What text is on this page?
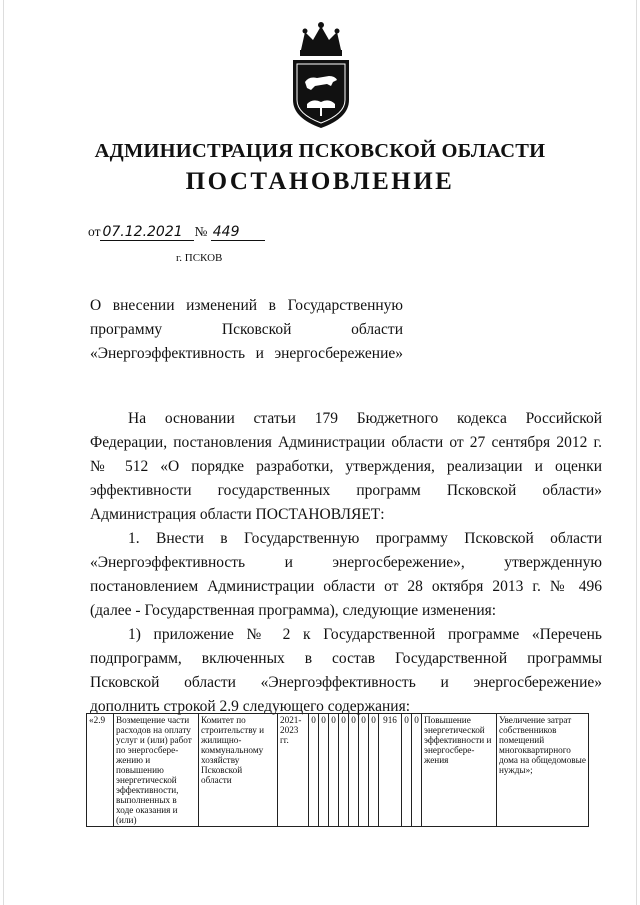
АДМИНИСТРАЦИЯ ПСКОВСКОЙ ОБЛАСТИ
ПОСТАНОВЛЕНИЕ
от 07.12.2021 № 449
г. ПСКОВ
О внесении изменений в Государственную
программу Псковской области
«Энергоэффективность и энергосбережение»

На основании статьи 179 Бюджетного кодекса Российской

Федерации, постановления Администрации области от 27 сентября 2012 г.

№ 512 «О порядке разработки, утверждения, реализации и оценки

эффективности государственных программ Псковской области»

Администрация области ПОСТАНОВЛЯЕТ:

1. Внести в Государственную программу Псковской области

«Энергоэффективность и энергосбережение», утвержденную

постановлением Администрации области от 28 октября 2013 г. № 496

(далее - Государственная программа), следующие изменения:

1) приложение № 2 к Государственной программе «Перечень

подпрограмм, включенных в состав Государственной программы

Псковской области «Энергоэффективность и энергосбережение»

дополнить строкой 2.9 следующего содержания:

«2.9	Возмещение части расходов на оплату услуг и (или) работ по энергосбере-жению и повышению энергетической эффективности, выполненных в ходе оказания и (или)	Комитет по строительству и жилищно-коммунальному хозяйству Псковской области	2021-2023 гг.	0	0	0	0	0	0	0	916	0	0	Повышение энергетической эффективности и энергосбере-жения	Увеличение затрат собственников помещений многоквартирного дома на общедомовые нужды»;
